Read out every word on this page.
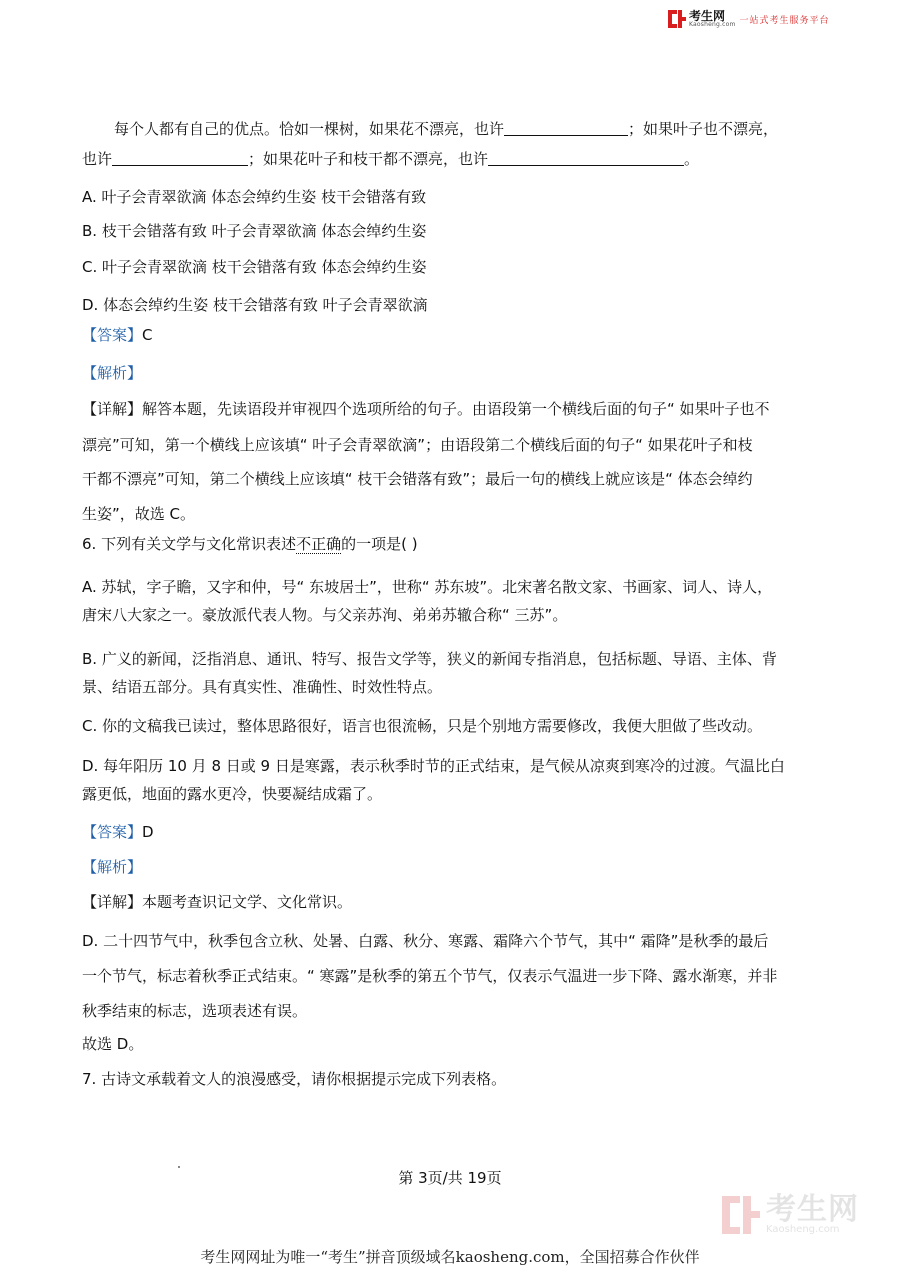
考生网
Kaosheng.com 一站式考生服务平台
每个人都有自己的优点。恰如一棵树，如果花不漂亮，也许	；如果叶子也不漂亮，
也许	；如果花叶子和枝干都不漂亮，也许	。
A. 叶子会青翠欲滴 体态会绰约生姿 枝干会错落有致
B. 枝干会错落有致 叶子会青翠欲滴 体态会绰约生姿
C. 叶子会青翠欲滴 枝干会错落有致 体态会绰约生姿
D. 体态会绰约生姿 枝干会错落有致 叶子会青翠欲滴
【答案】C
【解析】
【详解】解答本题，先读语段并审视四个选项所给的句子。由语段第一个横线后面的句子“ 如果叶子也不
漂亮”可知，第一个横线上应该填“ 叶子会青翠欲滴”；由语段第二个横线后面的句子“ 如果花叶子和枝
干都不漂亮”可知，第二个横线上应该填“ 枝干会错落有致”；最后一句的横线上就应该是“ 体态会绰约
生姿”，故选 C。
6. 下列有关文学与文化常识表述不正确的一项是( )
A. 苏轼，字子瞻，又字和仲，号“ 东坡居士”，世称“ 苏东坡”。北宋著名散文家、书画家、词人、诗人，
唐宋八大家之一。豪放派代表人物。与父亲苏洵、弟弟苏辙合称“ 三苏”。
B. 广义的新闻，泛指消息、通讯、特写、报告文学等，狭义的新闻专指消息，包括标题、导语、主体、背
景、结语五部分。具有真实性、准确性、时效性特点。
C. 你的文稿我已读过，整体思路很好，语言也很流畅，只是个别地方需要修改，我便大胆做了些改动。
D. 每年阳历 10 月 8 日或 9 日是寒露，表示秋季时节的正式结束，是气候从凉爽到寒冷的过渡。气温比白
露更低，地面的露水更冷，快要凝结成霜了。
【答案】D
【解析】
【详解】本题考查识记文学、文化常识。
D. 二十四节气中，秋季包含立秋、处暑、白露、秋分、寒露、霜降六个节气，其中“ 霜降”是秋季的最后
一个节气，标志着秋季正式结束。“ 寒露”是秋季的第五个节气，仅表示气温进一步下降、露水渐寒，并非
秋季结束的标志，选项表述有误。
故选 D。
7. 古诗文承载着文人的浪漫感受，请你根据提示完成下列表格。
第 3页/共 19页
考生网
Kaosheng.com
考生网网址为唯一“考生”拼音顶级域名kaosheng.com，全国招募合作伙伴
